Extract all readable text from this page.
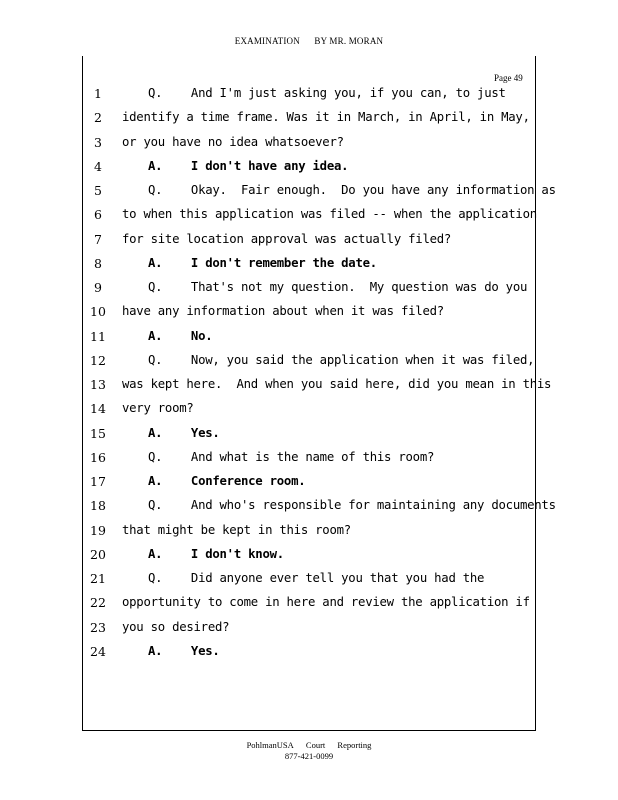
EXAMINATION BY MR. MORAN
Page 49
1	Q.    And I'm just asking you, if you can, to just
2	identify a time frame. Was it in March, in April, in May,
3	or you have no idea whatsoever?
4	A.    I don't have any idea.
5	Q.    Okay.  Fair enough.  Do you have any information as
6	to when this application was filed -- when the application
7	for site location approval was actually filed?
8	A.    I don't remember the date.
9	Q.    That's not my question.  My question was do you
10 have any information about when it was filed?
11	A.    No.
12	Q.    Now, you said the application when it was filed,
13 was kept here.  And when you said here, did you mean in this
14 very room?
15	A.    Yes.
16	Q.    And what is the name of this room?
17	A.    Conference room.
18	Q.    And who's responsible for maintaining any documents
19 that might be kept in this room?
20	A.    I don't know.
21	Q.    Did anyone ever tell you that you had the
22 opportunity to come in here and review the application if
23 you so desired?
24	A.    Yes.
PohlmanUSA Court Reporting
877-421-0099
